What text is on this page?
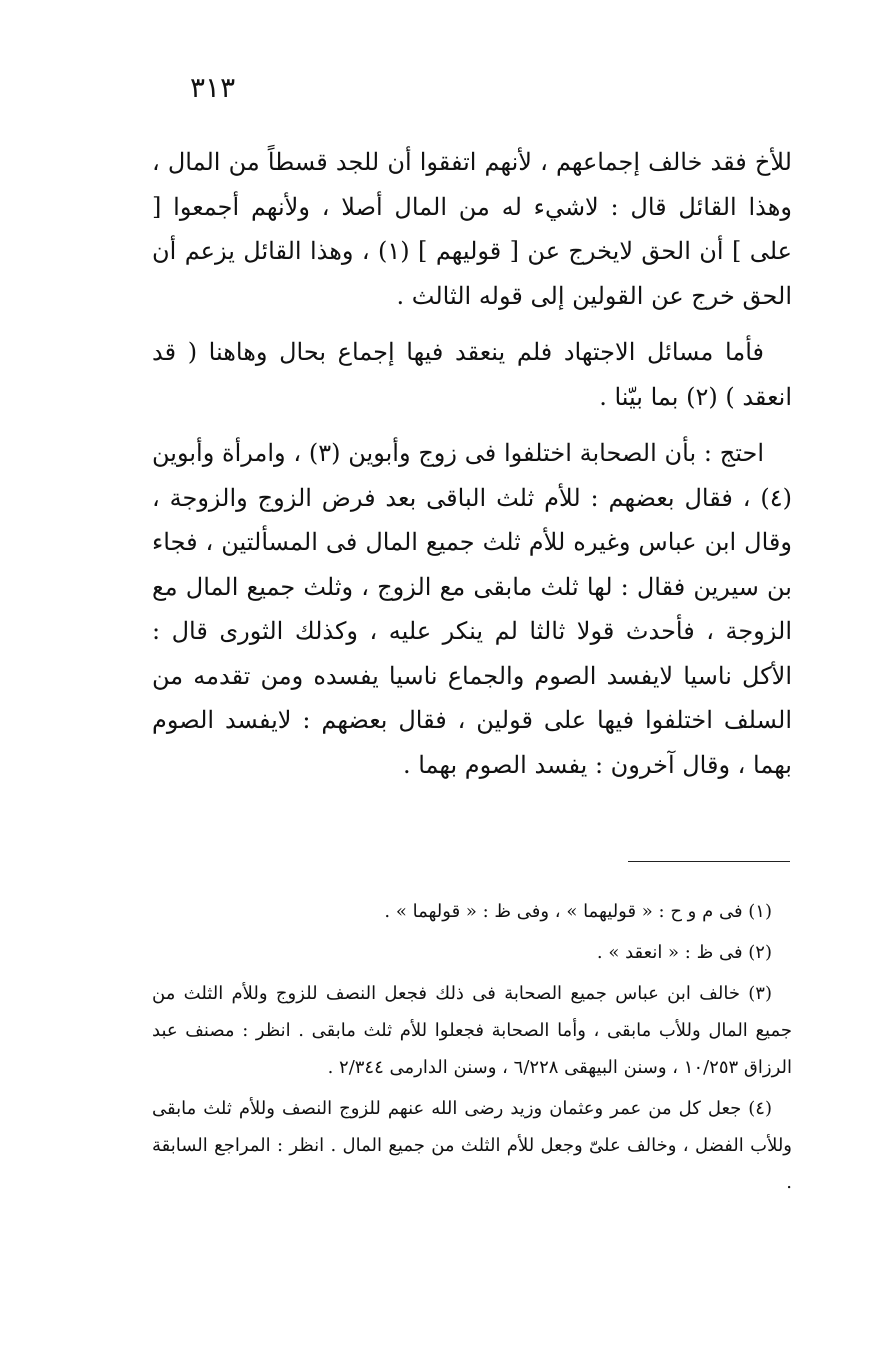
٣١٣

للأخ فقد خالف إجماعهم ، لأنهم اتفقوا أن للجد قسطاً من المال ، وهذا القائل قال : لاشيء له من المال أصلا ، ولأنهم أجمعوا [ على ] أن الحق لايخرج عن [ قوليهم ] (١) ، وهذا القائل يزعم أن الحق خرج عن القولين إلى قوله الثالث .

فأما مسائل الاجتهاد فلم ينعقد فيها إجماع بحال وهاهنا ( قد انعقد ) (٢) بما بيّنا .

احتج : بأن الصحابة اختلفوا فى زوج وأبوين (٣) ، وامرأة وأبوين (٤) ، فقال بعضهم : للأم ثلث الباقى بعد فرض الزوج والزوجة ، وقال ابن عباس وغيره للأم ثلث جميع المال فى المسألتين ، فجاء بن سيرين فقال : لها ثلث مابقى مع الزوج ، وثلث جميع المال مع الزوجة ، فأحدث قولا ثالثا لم ينكر عليه ، وكذلك الثورى قال : الأكل ناسيا لايفسد الصوم والجماع ناسيا يفسده ومن تقدمه من السلف اختلفوا فيها على قولين ، فقال بعضهم : لايفسد الصوم بهما ، وقال آخرون : يفسد الصوم بهما .

(١) فى م و ح : « قوليهما » ، وفى ظ : « قولهما » .

(٢) فى ظ : « انعقد » .

(٣) خالف ابن عباس جميع الصحابة فى ذلك فجعل النصف للزوج وللأم الثلث من جميع المال وللأب مابقى ، وأما الصحابة فجعلوا للأم ثلث مابقى . انظر : مصنف عبد الرزاق ١٠/٢٥٣ ، وسنن البيهقى ٦/٢٢٨ ، وسنن الدارمى ٢/٣٤٤ .

(٤) جعل كل من عمر وعثمان وزيد رضى الله عنهم للزوج النصف وللأم ثلث مابقى وللأب الفضل ، وخالف علىّ وجعل للأم الثلث من جميع المال . انظر : المراجع السابقة .
